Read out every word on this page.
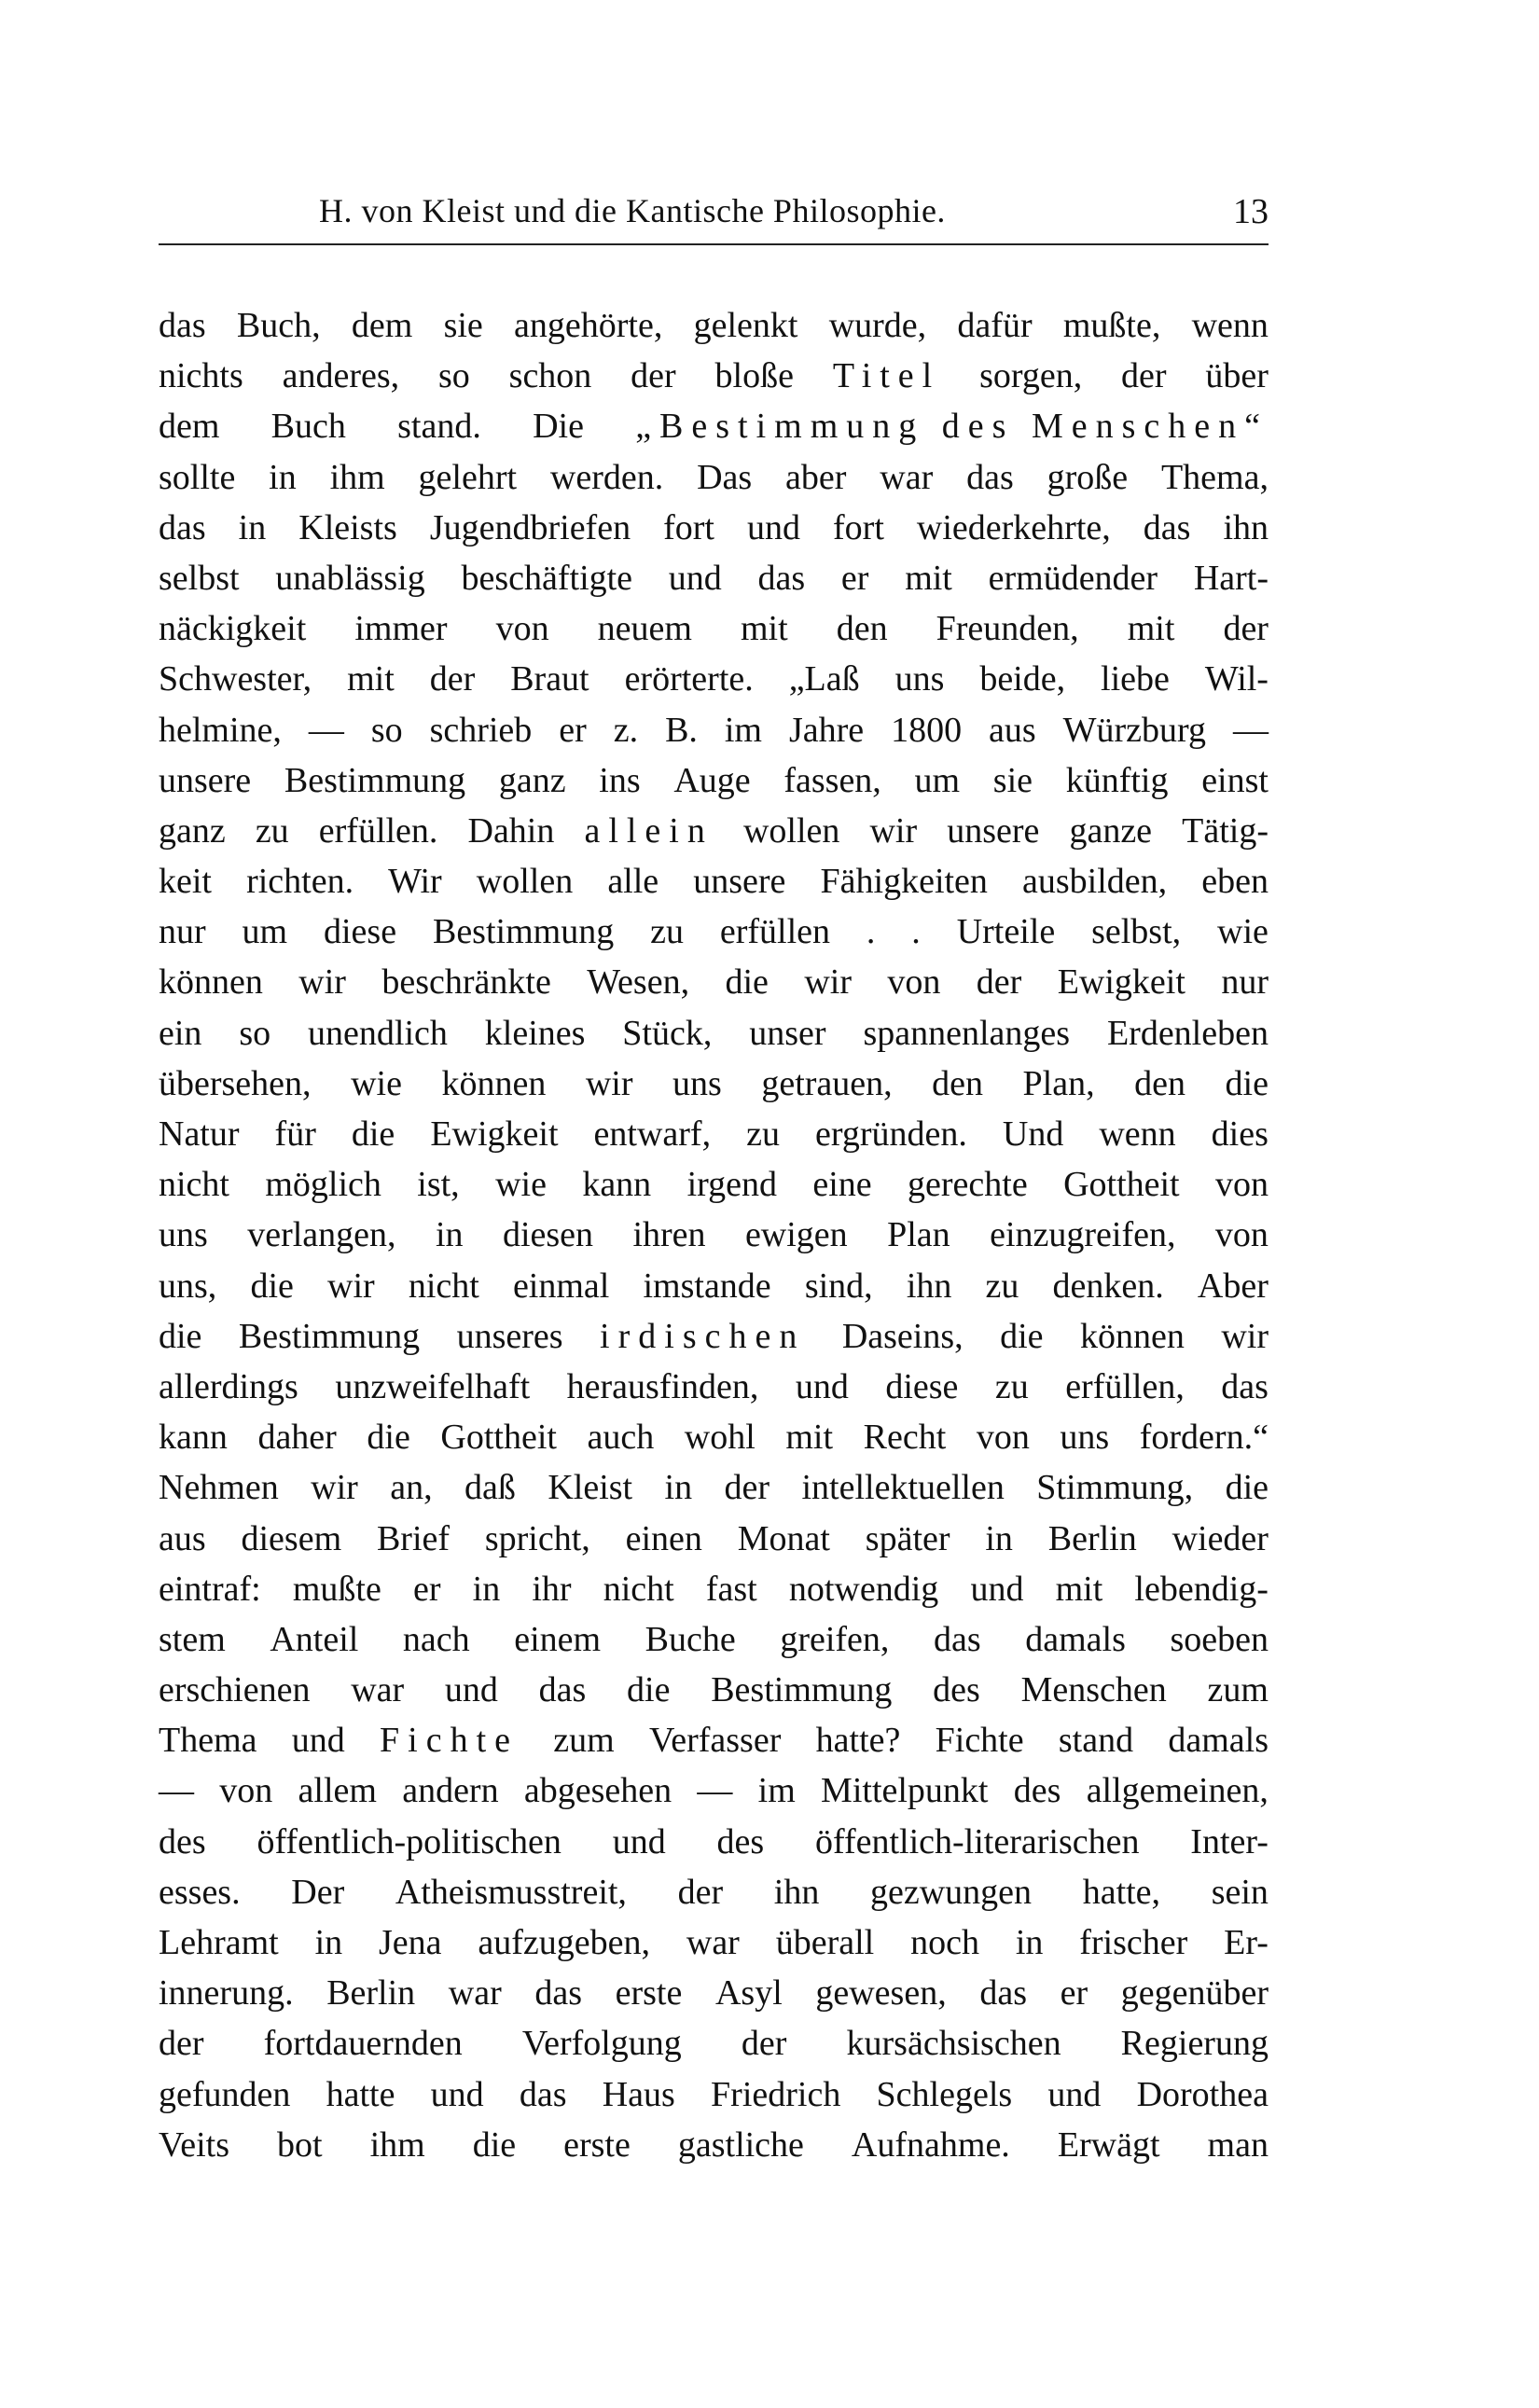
H. von Kleist und die Kantische Philosophie.	13
das Buch, dem sie angehörte, gelenkt wurde, dafür mußte, wenn
nichts anderes, so schon der bloße Titel sorgen, der über
dem Buch stand. Die „Bestimmung des Menschen“
sollte in ihm gelehrt werden. Das aber war das große Thema,
das in Kleists Jugendbriefen fort und fort wiederkehrte, das ihn
selbst unablässig beschäftigte und das er mit ermüdender Hart-
näckigkeit immer von neuem mit den Freunden, mit der
Schwester, mit der Braut erörterte. „Laß uns beide, liebe Wil-
helmine, — so schrieb er z. B. im Jahre 1800 aus Würzburg —
unsere Bestimmung ganz ins Auge fassen, um sie künftig einst
ganz zu erfüllen. Dahin allein wollen wir unsere ganze Tätig-
keit richten. Wir wollen alle unsere Fähigkeiten ausbilden, eben
nur um diese Bestimmung zu erfüllen . . Urteile selbst, wie
können wir beschränkte Wesen, die wir von der Ewigkeit nur
ein so unendlich kleines Stück, unser spannenlanges Erdenleben
übersehen, wie können wir uns getrauen, den Plan, den die
Natur für die Ewigkeit entwarf, zu ergründen. Und wenn dies
nicht möglich ist, wie kann irgend eine gerechte Gottheit von
uns verlangen, in diesen ihren ewigen Plan einzugreifen, von
uns, die wir nicht einmal imstande sind, ihn zu denken. Aber
die Bestimmung unseres irdischen Daseins, die können wir
allerdings unzweifelhaft herausfinden, und diese zu erfüllen, das
kann daher die Gottheit auch wohl mit Recht von uns fordern.“
Nehmen wir an, daß Kleist in der intellektuellen Stimmung, die
aus diesem Brief spricht, einen Monat später in Berlin wieder
eintraf: mußte er in ihr nicht fast notwendig und mit lebendig-
stem Anteil nach einem Buche greifen, das damals soeben
erschienen war und das die Bestimmung des Menschen zum
Thema und Fichte zum Verfasser hatte? Fichte stand damals
— von allem andern abgesehen — im Mittelpunkt des allgemeinen,
des öffentlich-politischen und des öffentlich-literarischen Inter-
esses. Der Atheismusstreit, der ihn gezwungen hatte, sein
Lehramt in Jena aufzugeben, war überall noch in frischer Er-
innerung. Berlin war das erste Asyl gewesen, das er gegenüber
der fortdauernden Verfolgung der kursächsischen Regierung
gefunden hatte und das Haus Friedrich Schlegels und Dorothea
Veits bot ihm die erste gastliche Aufnahme. Erwägt man
